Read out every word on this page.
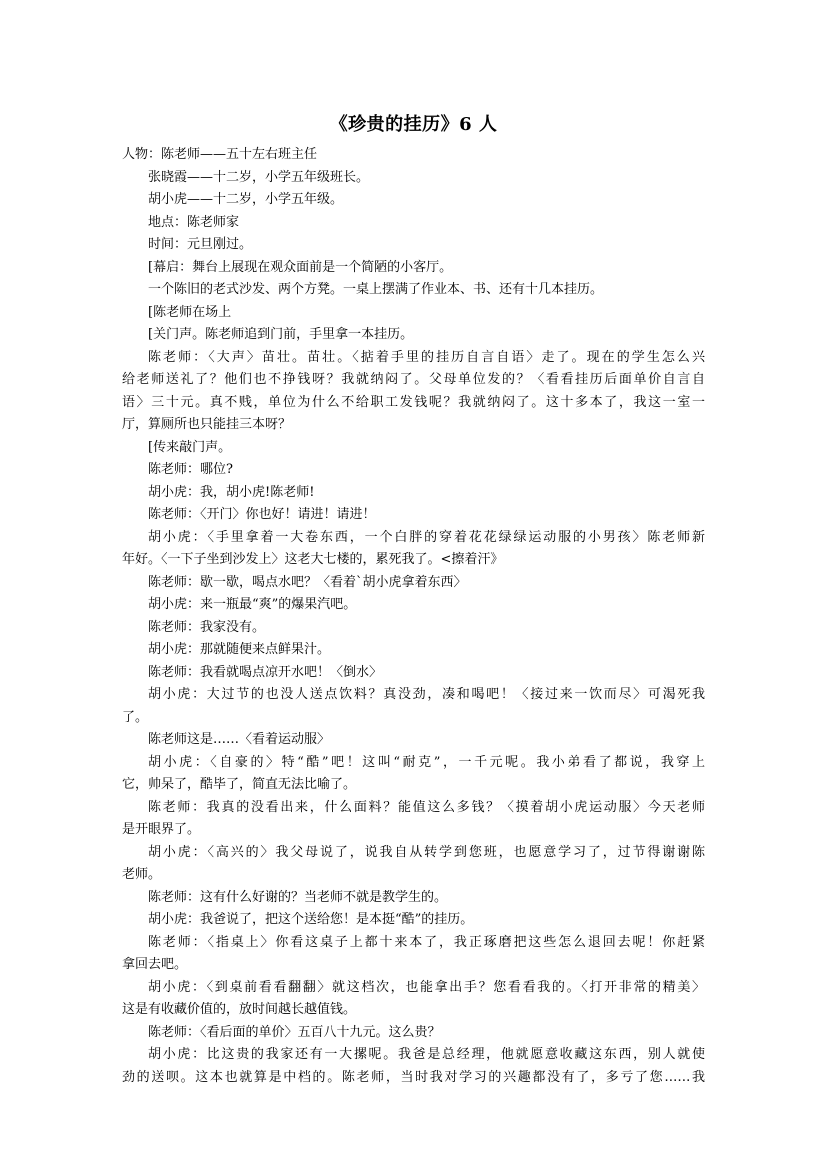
《珍贵的挂历》6 人
人物：陈老师——五十左右班主任
张晓霞——十二岁，小学五年级班长。
胡小虎——十二岁，小学五年级。
地点：陈老师家
时间：元旦刚过。
[幕启：舞台上展现在观众面前是一个简陋的小客厅。
一个陈旧的老式沙发、两个方凳。一桌上摆满了作业本、书、还有十几本挂历。
[陈老师在场上
[关门声。陈老师追到门前，手里拿一本挂历。
陈老师：〈大声〉苗壮。苗壮。〈掂着手里的挂历自言自语〉走了。现在的学生怎么兴
给老师送礼了？他们也不挣钱呀？我就纳闷了。父母单位发的？〈看看挂历后面单价自言自
语〉三十元。真不贱，单位为什么不给职工发钱呢？我就纳闷了。这十多本了，我这一室一
厅，算厕所也只能挂三本呀？
[传来敲门声。
陈老师：哪位?
胡小虎：我，胡小虎!陈老师!
陈老师：〈开门〉你也好！请进！请进！
胡小虎：〈手里拿着一大卷东西，一个白胖的穿着花花绿绿运动服的小男孩〉陈老师新
年好。〈一下子坐到沙发上〉这老大七楼的，累死我了。<擦着汗》
陈老师：歇一歇，喝点水吧？〈看着`胡小虎拿着东西〉
胡小虎：来一瓶最“爽”的爆果汽吧。
陈老师：我家没有。
胡小虎：那就随便来点鲜果汁。
陈老师：我看就喝点凉开水吧！〈倒水〉
胡小虎：大过节的也没人送点饮料？真没劲，凑和喝吧！〈接过来一饮而尽〉可渴死我
了。
陈老师这是……〈看着运动服〉
胡小虎：〈自豪的〉特“酷”吧！这叫“耐克”，一千元呢。我小弟看了都说，我穿上
它，帅呆了，酷毕了，简直无法比喻了。
陈老师：我真的没看出来，什么面料？能值这么多钱？〈摸着胡小虎运动服〉今天老师
是开眼界了。
胡小虎：〈高兴的〉我父母说了，说我自从转学到您班，也愿意学习了，过节得谢谢陈
老师。
陈老师：这有什么好谢的？当老师不就是教学生的。
胡小虎：我爸说了，把这个送给您！是本挺“酷”的挂历。
陈老师：〈指桌上〉你看这桌子上都十来本了，我正琢磨把这些怎么退回去呢！你赶紧
拿回去吧。
胡小虎：〈到桌前看看翻翻〉就这档次，也能拿出手？您看看我的。〈打开非常的精美〉
这是有收藏价值的，放时间越长越值钱。
陈老师：〈看后面的单价〉五百八十九元。这么贵？
胡小虎：比这贵的我家还有一大摞呢。我爸是总经理，他就愿意收藏这东西，别人就使
劲的送呗。这本也就算是中档的。陈老师，当时我对学习的兴趣都没有了，多亏了您……我
